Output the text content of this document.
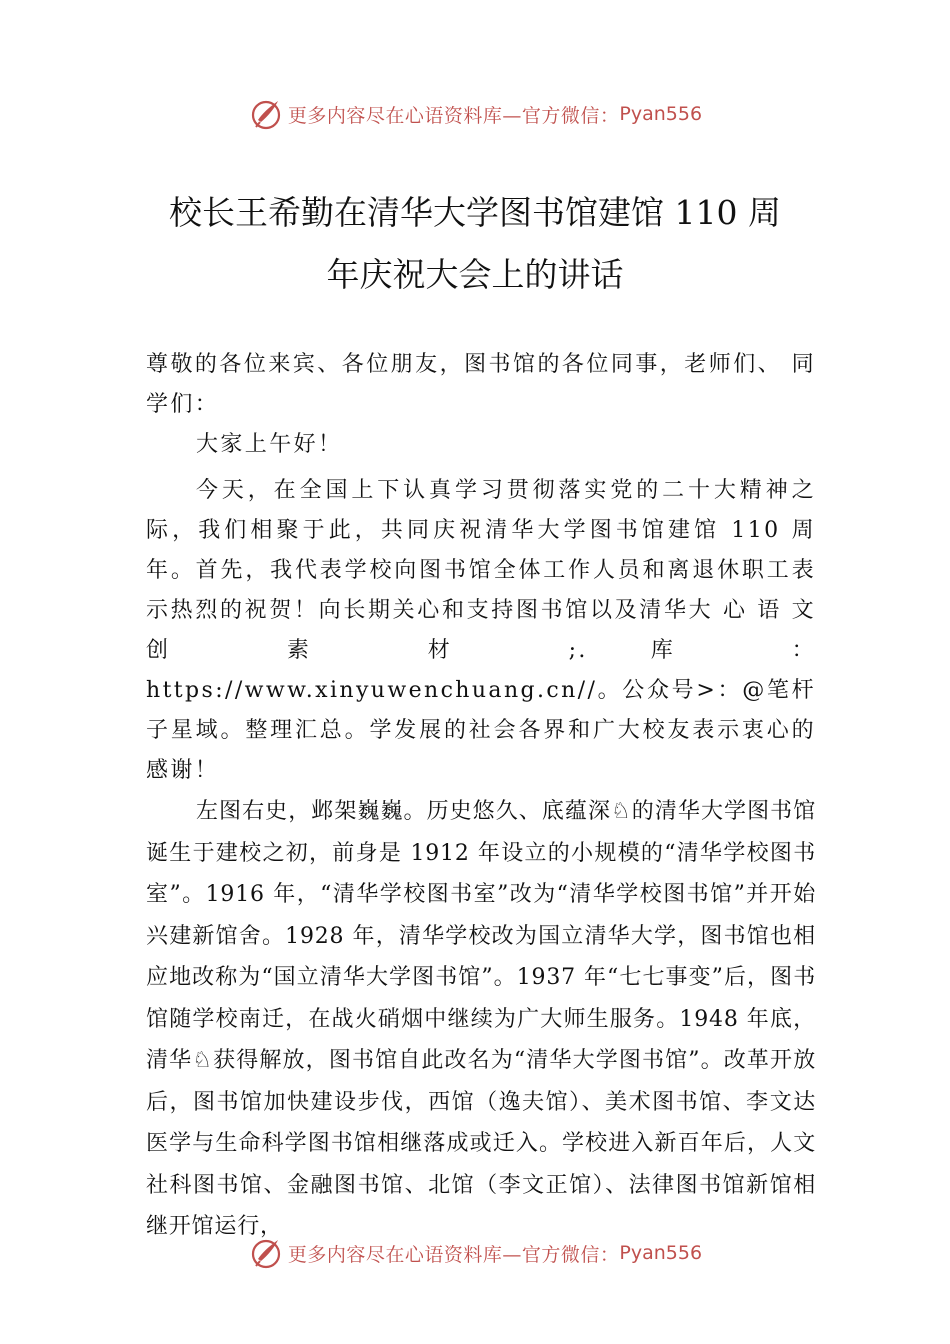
更多内容尽在心语资料库—官方微信： Pyan556
校长王希勤在清华大学图书馆建馆 110 周
年庆祝大会上的讲话

尊敬的各位来宾、各位朋友，图书馆的各位同事，老师们、 同学们：

大家上午好！

今天，在全国上下认真学习贯彻落实党的二十大精神之际，我们相聚于此，共同庆祝清华大学图书馆建馆 110 周年。首先，我代表学校向图书馆全体工作人员和离退休职工表示热烈的祝贺！向长期关心和支持图书馆以及清华大 心 语 文 创 素 材 ;. 库 ： https://www.xinyuwenchuang.cn//。公众号>：@笔杆子星域。整理汇总。学发展的社会各界和广大校友表示衷心的感谢！

左图右史，邺架巍巍。历史悠久、底蕴深♘的清华大学图书馆诞生于建校之初，前身是 1912 年设立的小规模的“清华学校图书室”。1916 年，“清华学校图书室”改为“清华学校图书馆”并开始兴建新馆舍。1928 年，清华学校改为国立清华大学，图书馆也相应地改称为“国立清华大学图书馆”。1937 年“七七事变”后，图书馆随学校南迁，在战火硝烟中继续为广大师生服务。1948 年底，清华♘获得解放，图书馆自此改名为“清华大学图书馆”。改革开放后，图书馆加快建设步伐，西馆（逸夫馆）、美术图书馆、李文达医学与生命科学图书馆相继落成或迁入。学校进入新百年后，人文社科图书馆、金融图书馆、北馆（李文正馆）、法律图书馆新馆相继开馆运行，

更多内容尽在心语资料库—官方微信： Pyan556
